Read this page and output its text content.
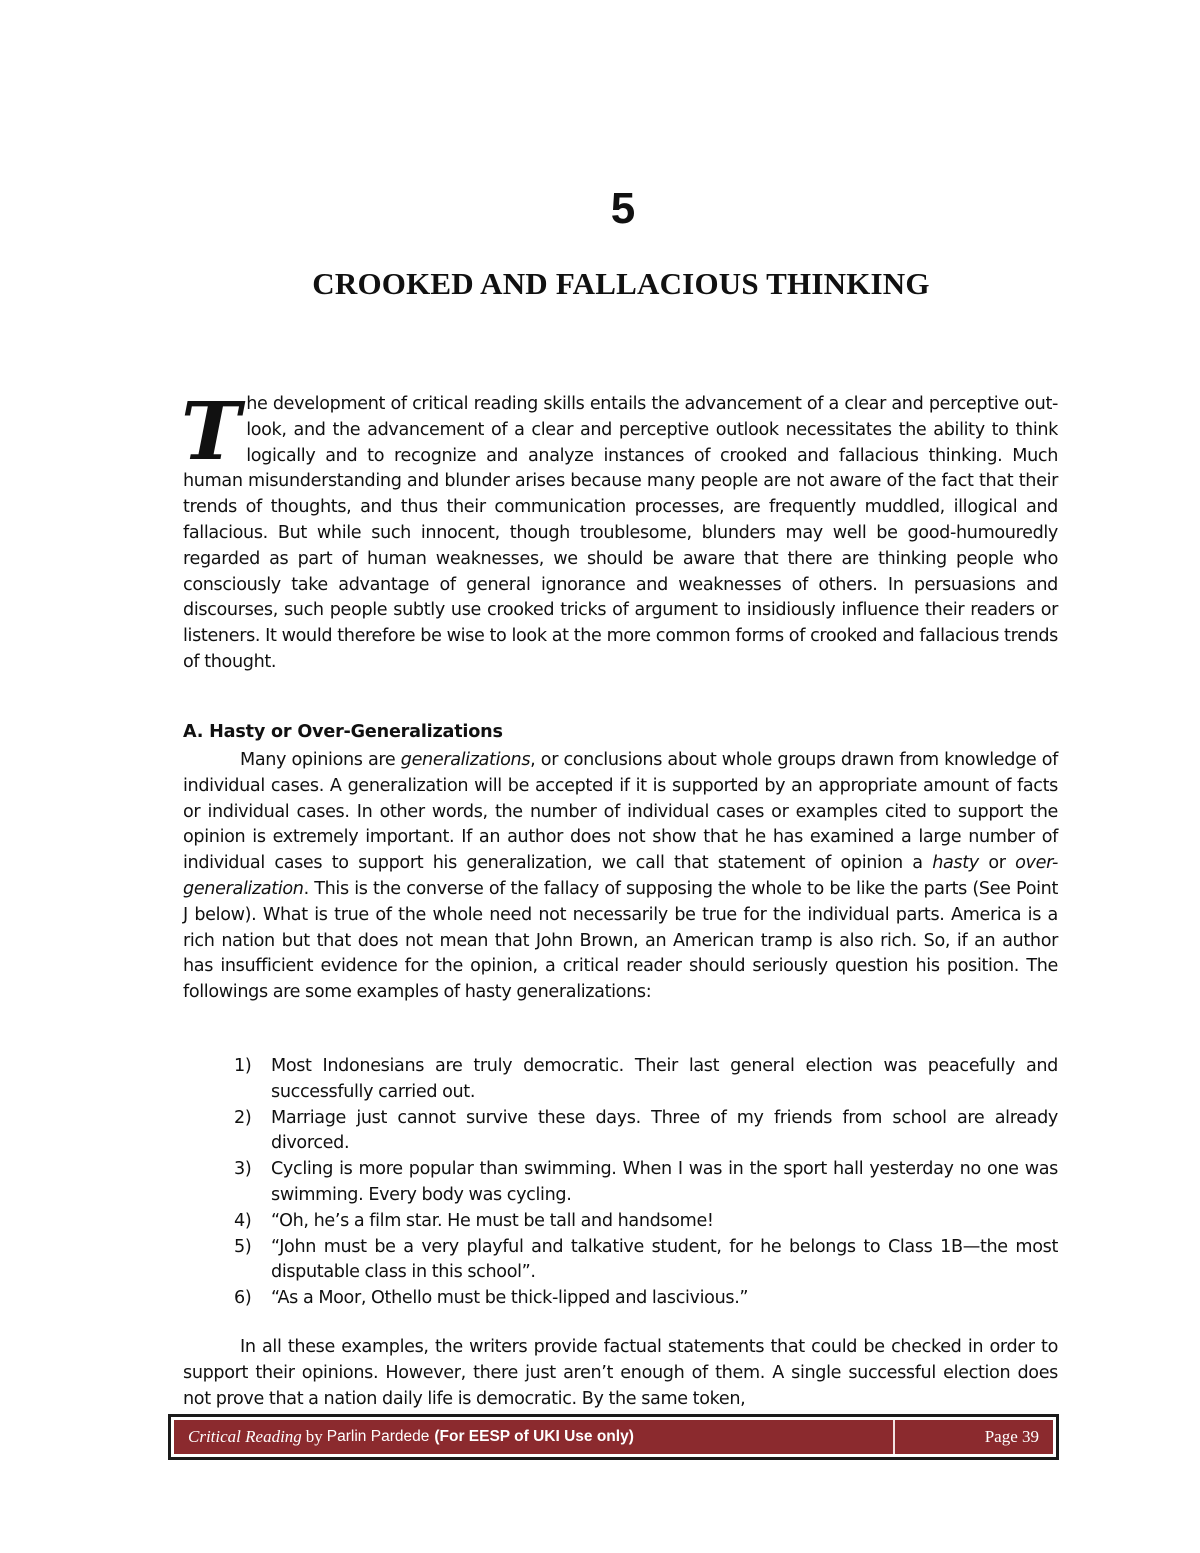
5
CROOKED AND FALLACIOUS THINKING

The development of critical reading skills entails the advancement of a clear and perceptive out-look, and the advancement of a clear and perceptive outlook necessitates the ability to think logically and to recognize and analyze instances of crooked and fallacious thinking. Much human misunderstanding and blunder arises because many people are not aware of the fact that their trends of thoughts, and thus their communication processes, are frequently muddled, illogical and fallacious. But while such innocent, though troublesome, blunders may well be good-humouredly regarded as part of human weaknesses, we should be aware that there are thinking people who consciously take advantage of general ignorance and weaknesses of others. In persuasions and discourses, such people subtly use crooked tricks of argument to insidiously influence their readers or listeners. It would therefore be wise to look at the more common forms of crooked and fallacious trends of thought.

A. Hasty or Over-Generalizations

Many opinions are generalizations, or conclusions about whole groups drawn from knowledge of individual cases. A generalization will be accepted if it is supported by an appropriate amount of facts or individual cases. In other words, the number of individual cases or examples cited to support the opinion is extremely important. If an author does not show that he has examined a large number of individual cases to support his generalization, we call that statement of opinion a hasty or over-generalization. This is the converse of the fallacy of supposing the whole to be like the parts (See Point J below). What is true of the whole need not necessarily be true for the individual parts. America is a rich nation but that does not mean that John Brown, an American tramp is also rich. So, if an author has insufficient evidence for the opinion, a critical reader should seriously question his position. The followings are some examples of hasty generalizations:

1) Most Indonesians are truly democratic. Their last general election was peacefully and successfully carried out.
2) Marriage just cannot survive these days. Three of my friends from school are already divorced.
3) Cycling is more popular than swimming. When I was in the sport hall yesterday no one was swimming. Every body was cycling.
4) “Oh, he’s a film star. He must be tall and handsome!
5) “John must be a very playful and talkative student, for he belongs to Class 1B—the most disputable class in this school”.
6) “As a Moor, Othello must be thick-lipped and lascivious.”

In all these examples, the writers provide factual statements that could be checked in order to support their opinions. However, there just aren’t enough of them. A single successful election does not prove that a nation daily life is democratic. By the same token,

Critical Reading by Parlin Pardede (For EESP of UKI Use only)	Page 39
